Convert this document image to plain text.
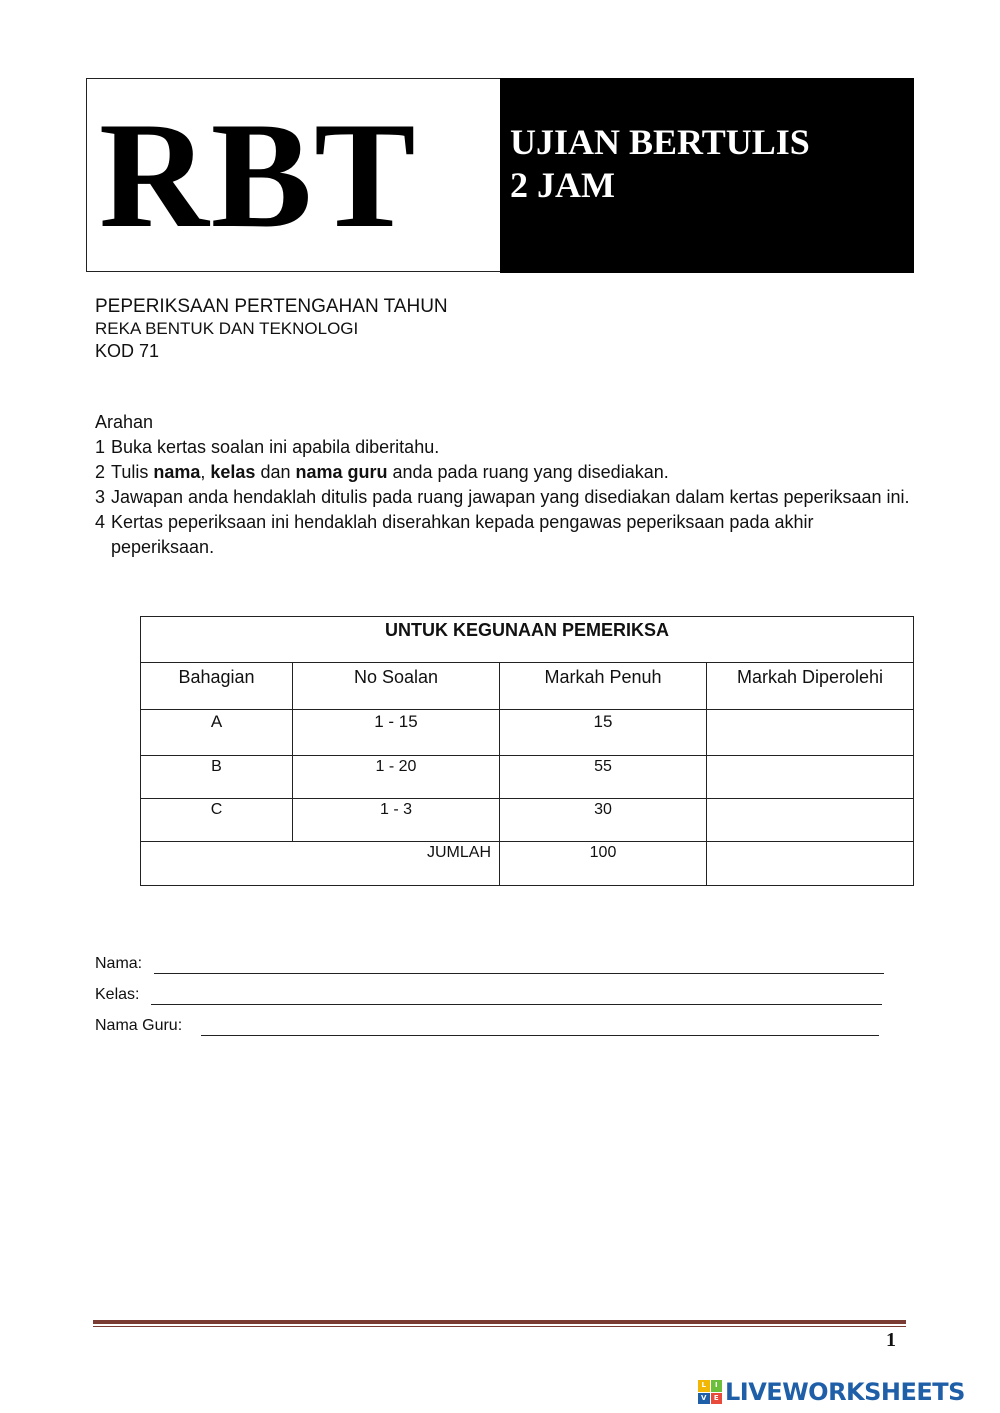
RBT	UJIAN BERTULIS
2 JAM
PEPERIKSAAN PERTENGAHAN TAHUN
REKA BENTUK DAN TEKNOLOGI
KOD 71
Arahan
1 Buka kertas soalan ini apabila diberitahu.
2 Tulis nama, kelas dan nama guru anda pada ruang yang disediakan.
3 Jawapan anda hendaklah ditulis pada ruang jawapan yang disediakan dalam kertas peperiksaan ini.
4 Kertas peperiksaan ini hendaklah diserahkan kepada pengawas peperiksaan pada akhir peperiksaan.
UNTUK KEGUNAAN PEMERIKSA			
Bahagian	No Soalan	Markah Penuh	Markah Diperolehi
A	1 - 15	15	
B	1 - 20	55	
C	1 - 3	30	
JUMLAH		100	
Nama:
Kelas:
Nama Guru:
1
L	I
V	E LIVEWORKSHEETS
